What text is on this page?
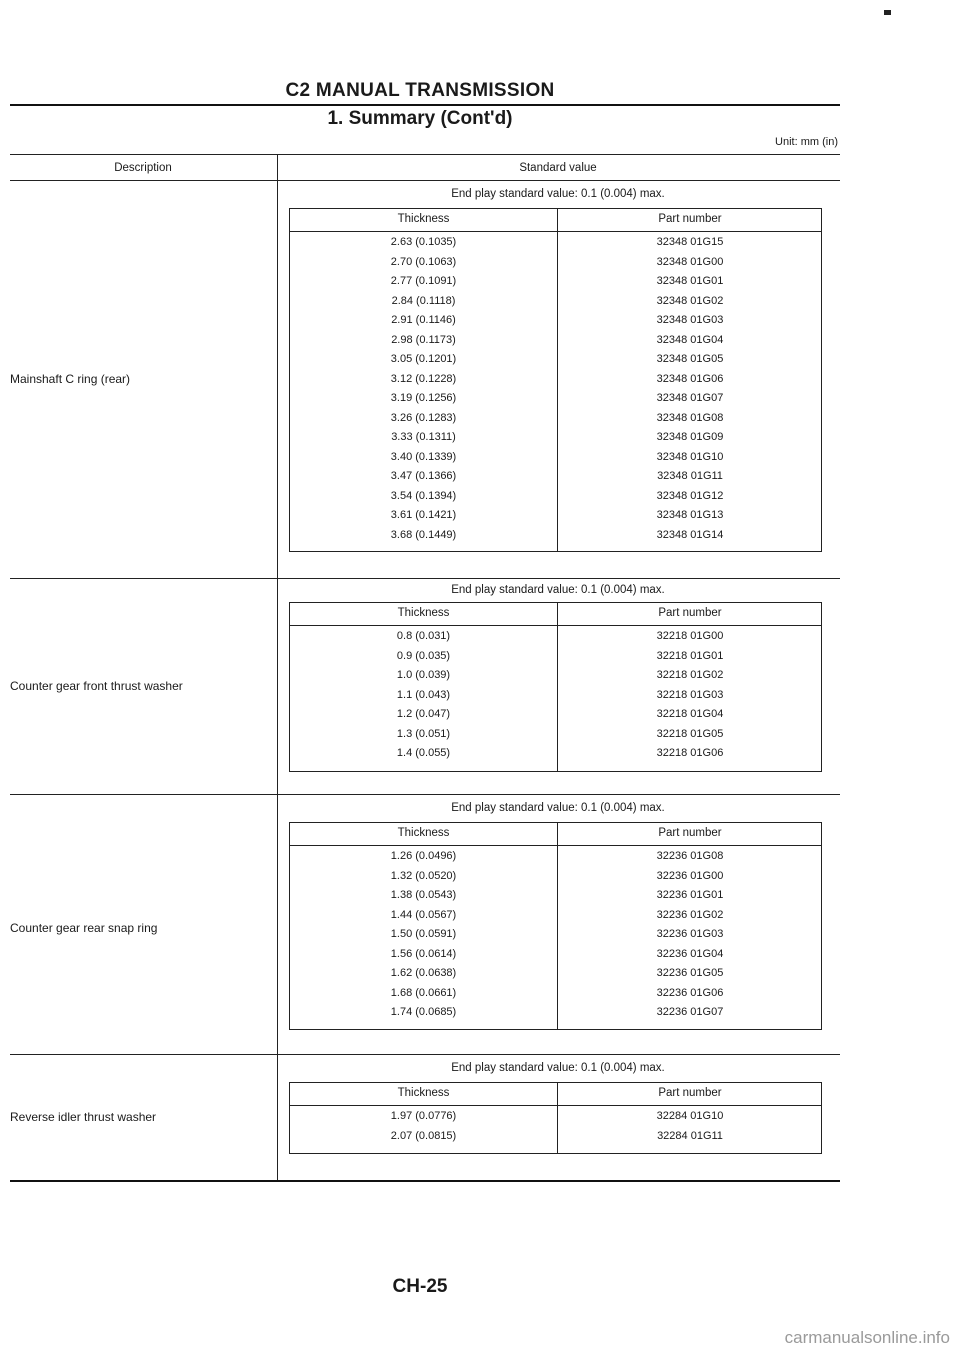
C2 MANUAL TRANSMISSION
1. Summary (Cont'd)
Unit: mm (in)
Description	Standard value
Mainshaft C ring (rear)
End play standard value: 0.1 (0.004) max.
Thickness	Part number
2.63 (0.1035)	32348 01G15
2.70 (0.1063)	32348 01G00
2.77 (0.1091)	32348 01G01
2.84 (0.1118)	32348 01G02
2.91 (0.1146)	32348 01G03
2.98 (0.1173)	32348 01G04
3.05 (0.1201)	32348 01G05
3.12 (0.1228)	32348 01G06
3.19 (0.1256)	32348 01G07
3.26 (0.1283)	32348 01G08
3.33 (0.1311)	32348 01G09
3.40 (0.1339)	32348 01G10
3.47 (0.1366)	32348 01G11
3.54 (0.1394)	32348 01G12
3.61 (0.1421)	32348 01G13
3.68 (0.1449)	32348 01G14
Counter gear front thrust washer
End play standard value: 0.1 (0.004) max.
Thickness	Part number
0.8 (0.031)	32218 01G00
0.9 (0.035)	32218 01G01
1.0 (0.039)	32218 01G02
1.1 (0.043)	32218 01G03
1.2 (0.047)	32218 01G04
1.3 (0.051)	32218 01G05
1.4 (0.055)	32218 01G06
Counter gear rear snap ring
End play standard value: 0.1 (0.004) max.
Thickness	Part number
1.26 (0.0496)	32236 01G08
1.32 (0.0520)	32236 01G00
1.38 (0.0543)	32236 01G01
1.44 (0.0567)	32236 01G02
1.50 (0.0591)	32236 01G03
1.56 (0.0614)	32236 01G04
1.62 (0.0638)	32236 01G05
1.68 (0.0661)	32236 01G06
1.74 (0.0685)	32236 01G07
Reverse idler thrust washer
End play standard value: 0.1 (0.004) max.
Thickness	Part number
1.97 (0.0776)	32284 01G10
2.07 (0.0815)	32284 01G11
CH-25
carmanualsonline.info
